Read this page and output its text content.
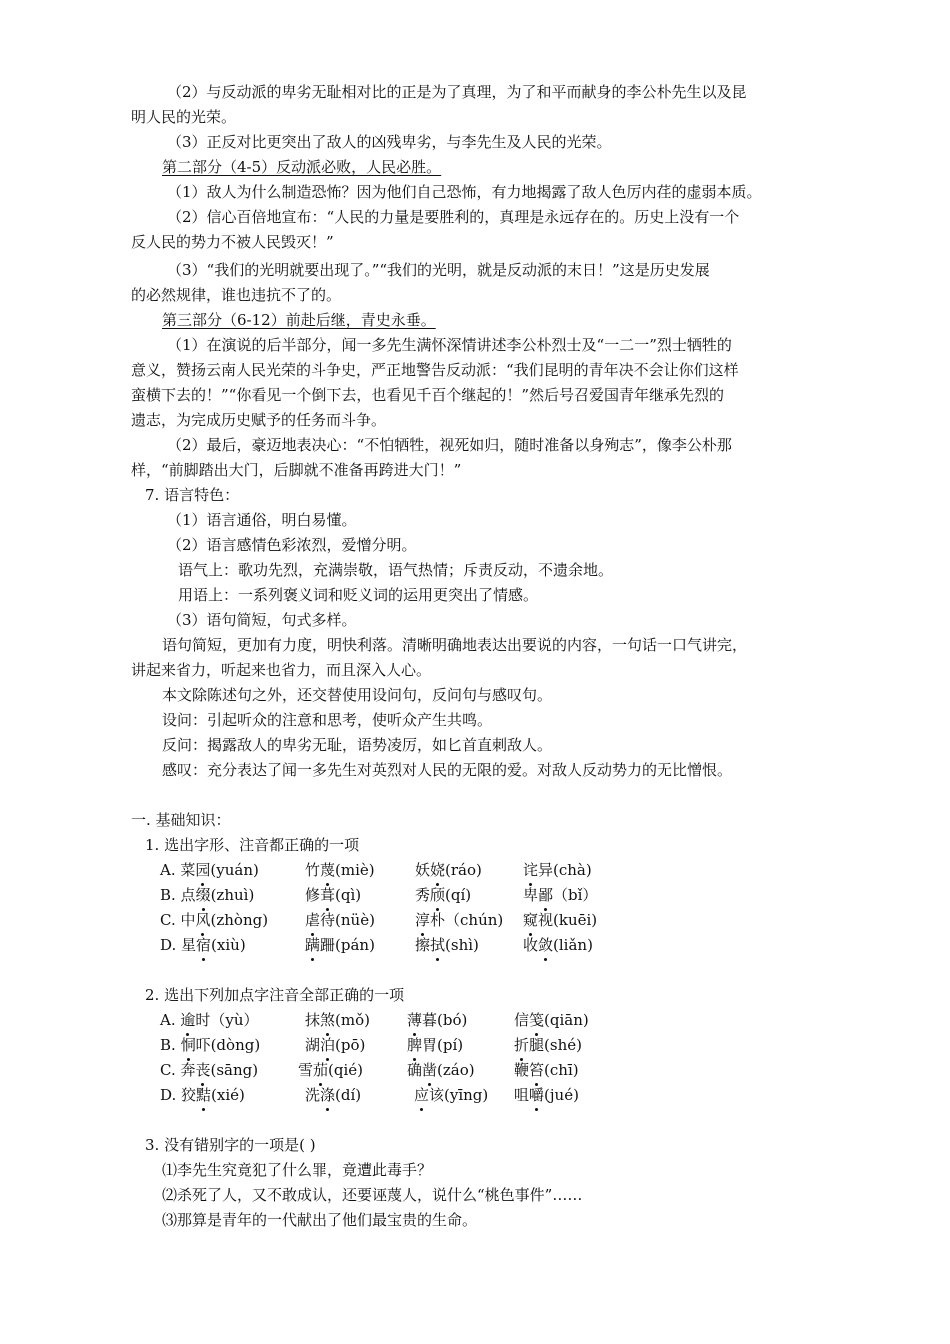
（2）与反动派的卑劣无耻相对比的正是为了真理，为了和平而献身的李公朴先生以及昆
明人民的光荣。
（3）正反对比更突出了敌人的凶残卑劣，与李先生及人民的光荣。
第二部分（4-5）反动派必败，人民必胜。
（1）敌人为什么制造恐怖？因为他们自己恐怖，有力地揭露了敌人色厉内荏的虚弱本质。
（2）信心百倍地宣布：“人民的力量是要胜利的，真理是永远存在的。历史上没有一个
反人民的势力不被人民毁灭！”
（3）“我们的光明就要出现了。”“我们的光明，就是反动派的末日！”这是历史发展
的必然规律，谁也违抗不了的。
第三部分（6-12）前赴后继，青史永垂。
（1）在演说的后半部分，闻一多先生满怀深情讲述李公朴烈士及“一二一”烈士牺牲的
意义，赞扬云南人民光荣的斗争史，严正地警告反动派：“我们昆明的青年决不会让你们这样
蛮横下去的！”“你看见一个倒下去，也看见千百个继起的！”然后号召爱国青年继承先烈的
遗志，为完成历史赋予的任务而斗争。
（2）最后，豪迈地表决心：“不怕牺牲，视死如归，随时准备以身殉志”，像李公朴那
样，“前脚踏出大门，后脚就不准备再跨进大门！”
7. 语言特色：
（1）语言通俗，明白易懂。
（2）语言感情色彩浓烈，爱憎分明。
语气上：歌功先烈，充满崇敬，语气热情；斥责反动，不遗余地。
用语上：一系列褒义词和贬义词的运用更突出了情感。
（3）语句简短，句式多样。
语句简短，更加有力度，明快利落。清晰明确地表达出要说的内容，一句话一口气讲完，
讲起来省力，听起来也省力，而且深入人心。
本文除陈述句之外，还交替使用设问句，反问句与感叹句。
设问：引起听众的注意和思考，使听众产生共鸣。
反问：揭露敌人的卑劣无耻，语势凌厉，如匕首直刺敌人。
感叹：充分表达了闻一多先生对英烈对人民的无限的爱。对敌人反动势力的无比憎恨。
一. 基础知识：
1. 选出字形、注音都正确的一项
A. 菜园(yuán)	竹蔑(miè)	妖娆(ráo)	诧异(chà)
B. 点缀(zhuì)	修葺(qì)	秀颀(qí)	卑鄙（bǐ）
C. 中风(zhòng) 虐待(nüè)	淳朴（chún) 窥视(kuēi)
D. 星宿(xiù)	蹒跚(pán)	擦拭(shì)	收敛(liǎn)
2. 选出下列加点字注音全部正确的一项
A. 逾时（yù）	抹煞(mǒ) 薄暮(bó)	信笺(qiān)
B. 恫吓(dòng)	湖泊(pō)	脾胃(pí)	折腿(shé)
C. 奔丧(sāng)	雪茄(qié)	确凿(záo)	鞭笞(chī)
D. 狡黠(xié)	洗涤(dí)	应该(yīng) 咀嚼(jué)
3. 没有错别字的一项是( )
⑴李先生究竟犯了什么罪，竟遭此毒手？
⑵杀死了人，又不敢成认，还要诬蔑人，说什么“桃色事件”……
⑶那算是青年的一代献出了他们最宝贵的生命。
